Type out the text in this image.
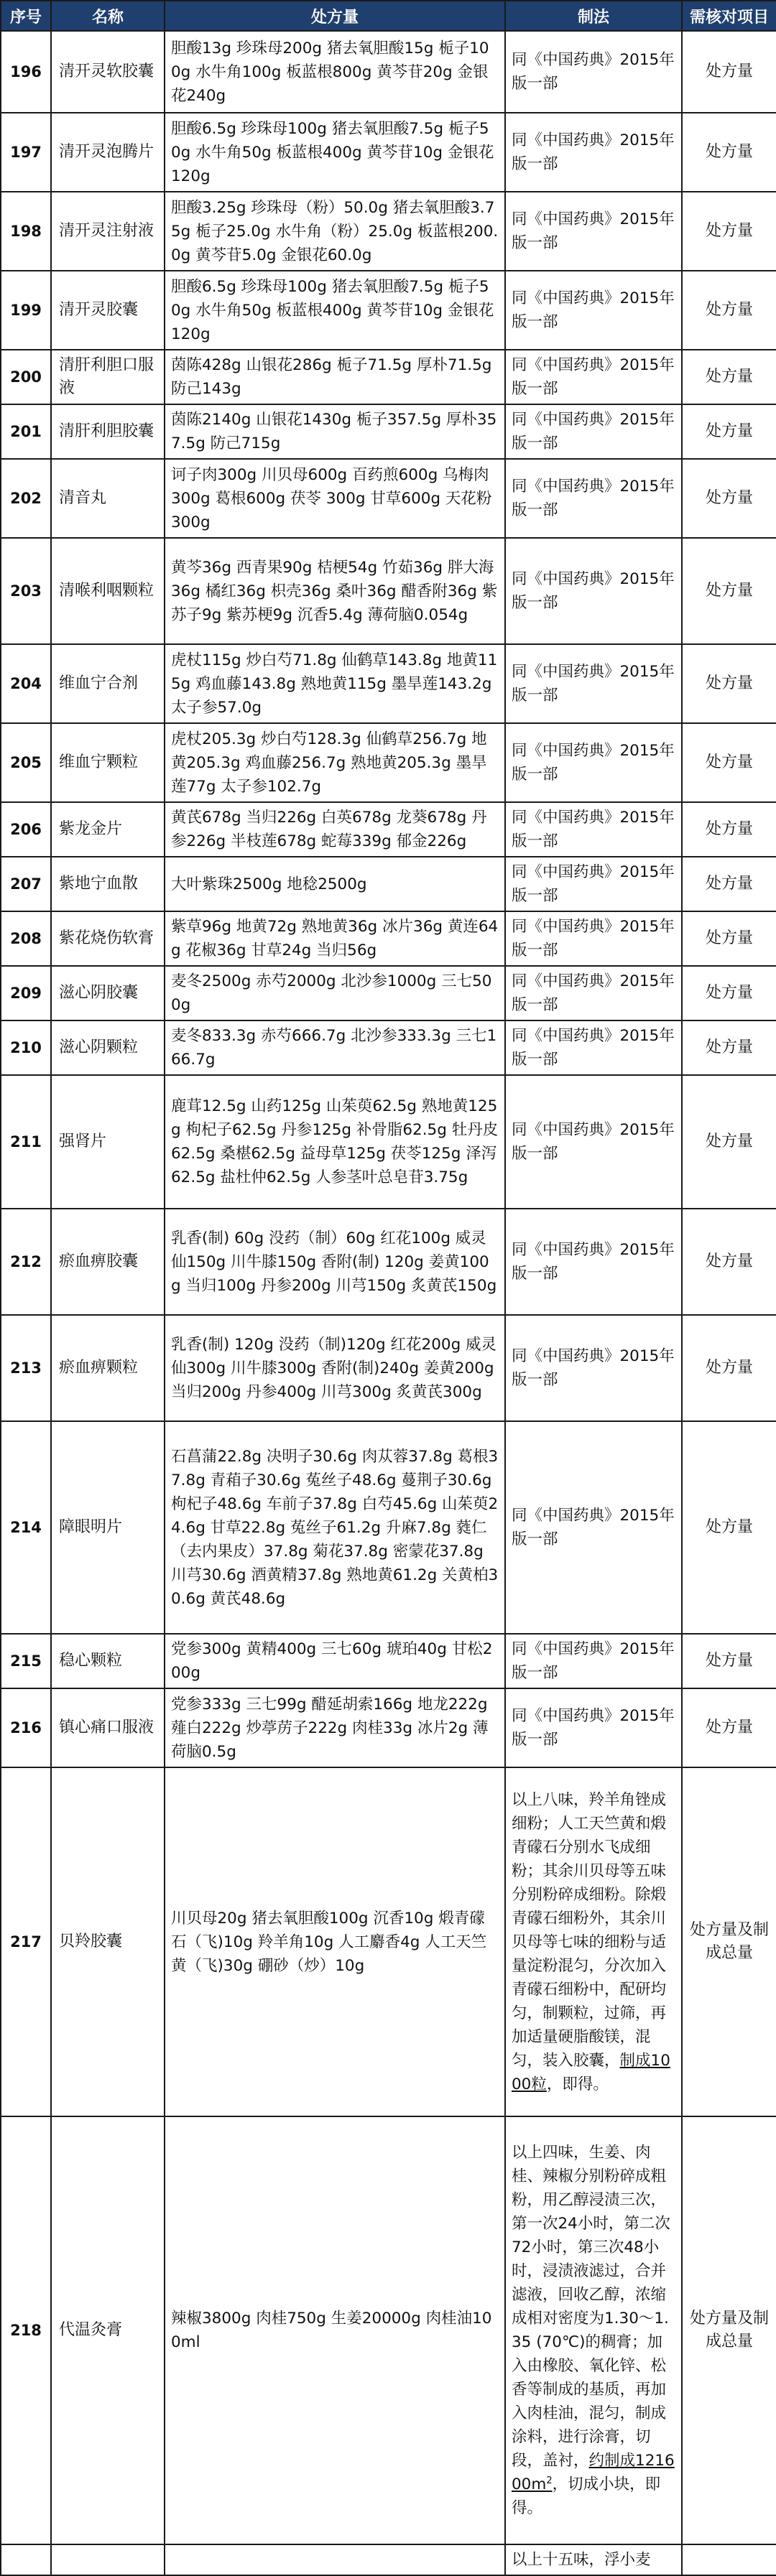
序号	名称	处方量	制法	需核对项目
196	清开灵软胶囊	胆酸13g 珍珠母200g 猪去氧胆酸15g 栀子100g 水牛角100g 板蓝根800g 黄芩苷20g 金银花240g	同《中国药典》2015年版一部	处方量
197	清开灵泡腾片	胆酸6.5g 珍珠母100g 猪去氧胆酸7.5g 栀子50g 水牛角50g 板蓝根400g 黄芩苷10g 金银花120g	同《中国药典》2015年版一部	处方量
198	清开灵注射液	胆酸3.25g 珍珠母（粉）50.0g 猪去氧胆酸3.75g 栀子25.0g 水牛角（粉）25.0g 板蓝根200.0g 黄芩苷5.0g 金银花60.0g	同《中国药典》2015年版一部	处方量
199	清开灵胶囊	胆酸6.5g 珍珠母100g 猪去氧胆酸7.5g 栀子50g 水牛角50g 板蓝根400g 黄芩苷10g 金银花120g	同《中国药典》2015年版一部	处方量
200	清肝利胆口服液	茵陈428g 山银花286g 栀子71.5g 厚朴71.5g 防己143g	同《中国药典》2015年版一部	处方量
201	清肝利胆胶囊	茵陈2140g 山银花1430g 栀子357.5g 厚朴357.5g 防己715g	同《中国药典》2015年版一部	处方量
202	清音丸	诃子肉300g 川贝母600g 百药煎600g 乌梅肉300g 葛根600g 茯苓 300g 甘草600g 天花粉300g	同《中国药典》2015年版一部	处方量
203	清喉利咽颗粒	黄芩36g 西青果90g 桔梗54g 竹茹36g 胖大海36g 橘红36g 枳壳36g 桑叶36g 醋香附36g 紫苏子9g 紫苏梗9g 沉香5.4g 薄荷脑0.054g	同《中国药典》2015年版一部	处方量
204	维血宁合剂	虎杖115g 炒白芍71.8g 仙鹤草143.8g 地黄115g 鸡血藤143.8g 熟地黄115g 墨旱莲143.2g 太子参57.0g	同《中国药典》2015年版一部	处方量
205	维血宁颗粒	虎杖205.3g 炒白芍128.3g 仙鹤草256.7g 地黄205.3g 鸡血藤256.7g 熟地黄205.3g 墨旱莲77g 太子参102.7g	同《中国药典》2015年版一部	处方量
206	紫龙金片	黄芪678g 当归226g 白英678g 龙葵678g 丹参226g 半枝莲678g 蛇莓339g 郁金226g	同《中国药典》2015年版一部	处方量
207	紫地宁血散	大叶紫珠2500g 地稔2500g	同《中国药典》2015年版一部	处方量
208	紫花烧伤软膏	紫草96g 地黄72g 熟地黄36g 冰片36g 黄连64g 花椒36g 甘草24g 当归56g	同《中国药典》2015年版一部	处方量
209	滋心阴胶囊	麦冬2500g 赤芍2000g 北沙参1000g 三七500g	同《中国药典》2015年版一部	处方量
210	滋心阴颗粒	麦冬833.3g 赤芍666.7g 北沙参333.3g 三七166.7g	同《中国药典》2015年版一部	处方量
211	强肾片	鹿茸12.5g 山药125g 山茱萸62.5g 熟地黄125g 枸杞子62.5g 丹参125g 补骨脂62.5g 牡丹皮62.5g 桑椹62.5g 益母草125g 茯苓125g 泽泻62.5g 盐杜仲62.5g 人参茎叶总皂苷3.75g	同《中国药典》2015年版一部	处方量
212	瘀血痹胶囊	乳香(制) 60g 没药（制）60g 红花100g 威灵仙150g 川牛膝150g 香附(制) 120g 姜黄100g 当归100g 丹参200g 川芎150g 炙黄芪150g	同《中国药典》2015年版一部	处方量
213	瘀血痹颗粒	乳香(制) 120g 没药（制)120g 红花200g 威灵仙300g 川牛膝300g 香附(制)240g 姜黄200g 当归200g 丹参400g 川芎300g 炙黄芪300g	同《中国药典》2015年版一部	处方量
214	障眼明片	石菖蒲22.8g 决明子30.6g 肉苁蓉37.8g 葛根37.8g 青葙子30.6g 菟丝子48.6g 蔓荆子30.6g 枸杞子48.6g 车前子37.8g 白芍45.6g 山茱萸24.6g 甘草22.8g 菟丝子61.2g 升麻7.8g 蕤仁（去内果皮）37.8g 菊花37.8g 密蒙花37.8g 川芎30.6g 酒黄精37.8g 熟地黄61.2g 关黄柏30.6g 黄芪48.6g	同《中国药典》2015年版一部	处方量
215	稳心颗粒	党参300g 黄精400g 三七60g 琥珀40g 甘松200g	同《中国药典》2015年版一部	处方量
216	镇心痛口服液	党参333g 三七99g 醋延胡索166g 地龙222g 薤白222g 炒葶苈子222g 肉桂33g 冰片2g 薄荷脑0.5g	同《中国药典》2015年版一部	处方量
217	贝羚胶囊	川贝母20g 猪去氧胆酸100g 沉香10g 煅青礞石（飞)10g 羚羊角10g 人工麝香4g 人工天竺黄（飞)30g 硼砂（炒）10g	以上八味，羚羊角锉成细粉；人工天竺黄和煅青礞石分别水飞成细粉；其余川贝母等五味分别粉碎成细粉。除煅青礞石细粉外，其余川贝母等七味的细粉与适量淀粉混匀，分次加入青礞石细粉中，配研均匀，制颗粒，过筛，再加适量硬脂酸镁，混匀，装入胶囊，制成1000粒，即得。	处方量及制成总量
218	代温灸膏	辣椒3800g 肉桂750g 生姜20000g 肉桂油100ml	以上四味，生姜、肉桂、辣椒分别粉碎成粗粉，用乙醇浸渍三次，第一次24小时，第二次72小时，第三次48小时，浸渍液滤过，合并滤液，回收乙醇，浓缩成相对密度为1.30～1.35 (70℃)的稠膏；加入由橡胶、氧化锌、松香等制成的基质，再加入肉桂油，混匀，制成涂料，进行涂膏，切段，盖衬，约制成$121600m^2$，切成小块，即得。	处方量及制成总量
			以上十五味，浮小麦	
